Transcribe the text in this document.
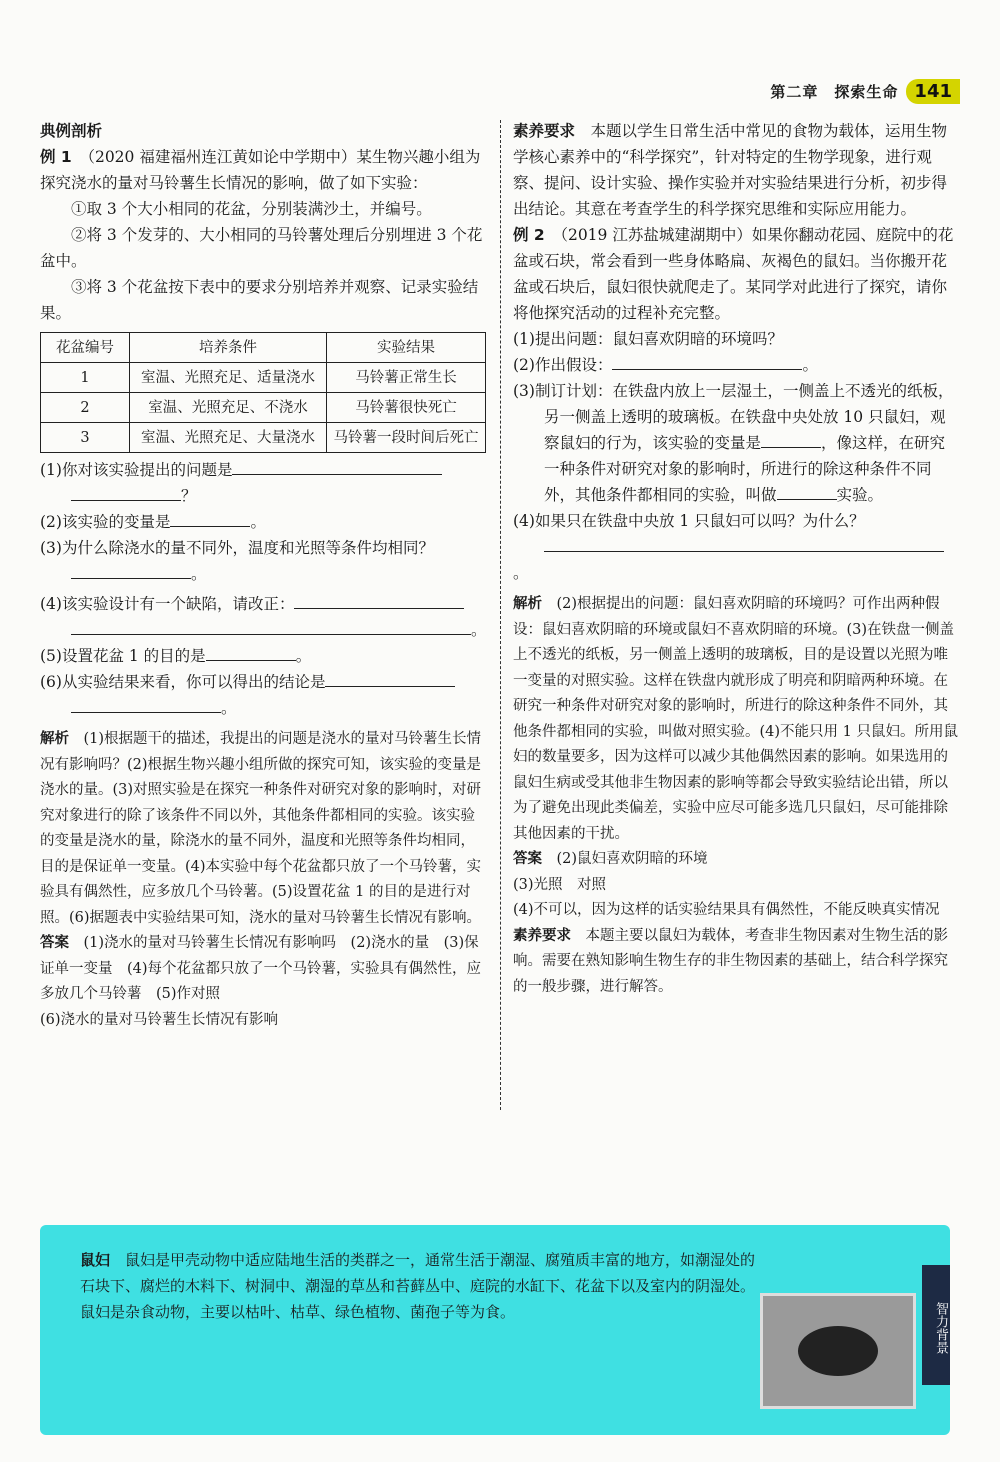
第二章　探索生命 141

典例剖析

例 1　 （2020 福建福州连江黄如论中学期中）某生物兴趣小组为探究浇水的量对马铃薯生长情况的影响，做了如下实验：

①取 3 个大小相同的花盆，分别装满沙土，并编号。

②将 3 个发芽的、大小相同的马铃薯处理后分别埋进 3 个花盆中。

③将 3 个花盆按下表中的要求分别培养并观察、记录实验结果。

花盆编号	培养条件	实验结果
1	室温、光照充足、适量浇水	马铃薯正常生长
2	室温、光照充足、不浇水	马铃薯很快死亡
3	室温、光照充足、大量浇水	马铃薯一段时间后死亡

(1)你对该实验提出的问题是

　　？

(2)该实验的变量是	。

(3)为什么除浇水的量不同外，温度和光照等条件均相同？

　　。

(4)该实验设计有一个缺陷，请改正：

　　。

(5)设置花盆 1 的目的是	。

(6)从实验结果来看，你可以得出的结论是

　　。

解析　 (1)根据题干的描述，我提出的问题是浇水的量对马铃薯生长情况有影响吗？(2)根据生物兴趣小组所做的探究可知，该实验的变量是浇水的量。(3)对照实验是在探究一种条件对研究对象的影响时，对研究对象进行的除了该条件不同以外，其他条件都相同的实验。该实验的变量是浇水的量，除浇水的量不同外，温度和光照等条件均相同，目的是保证单一变量。(4)本实验中每个花盆都只放了一个马铃薯，实验具有偶然性，应多放几个马铃薯。(5)设置花盆 1 的目的是进行对照。(6)据题表中实验结果可知，浇水的量对马铃薯生长情况有影响。

答案　 (1)浇水的量对马铃薯生长情况有影响吗　(2)浇水的量　(3)保证单一变量　(4)每个花盆都只放了一个马铃薯，实验具有偶然性，应多放几个马铃薯　(5)作对照

(6)浇水的量对马铃薯生长情况有影响

素养要求　 本题以学生日常生活中常见的食物为载体，运用生物学核心素养中的“科学探究”，针对特定的生物学现象，进行观察、提问、设计实验、操作实验并对实验结果进行分析，初步得出结论。其意在考查学生的科学探究思维和实际应用能力。

例 2　 （2019 江苏盐城建湖期中）如果你翻动花园、庭院中的花盆或石块，常会看到一些身体略扁、灰褐色的鼠妇。当你搬开花盆或石块后，鼠妇很快就爬走了。某同学对此进行了探究，请你将他探究活动的过程补充完整。

(1)提出问题：鼠妇喜欢阴暗的环境吗？

(2)作出假设：	。

(3)制订计划：在铁盘内放上一层湿土，一侧盖上不透光的纸板，另一侧盖上透明的玻璃板。在铁盘中央处放 10 只鼠妇，观察鼠妇的行为，该实验的变量是	，像这样，在研究一种条件对研究对象的影响时，所进行的除这种条件不同外，其他条件都相同的实验，叫做	实验。

(4)如果只在铁盘中央放 1 只鼠妇可以吗？为什么？

　　。

解析　 (2)根据提出的问题：鼠妇喜欢阴暗的环境吗？可作出两种假设：鼠妇喜欢阴暗的环境或鼠妇不喜欢阴暗的环境。(3)在铁盘一侧盖上不透光的纸板，另一侧盖上透明的玻璃板，目的是设置以光照为唯一变量的对照实验。这样在铁盘内就形成了明亮和阴暗两种环境。在研究一种条件对研究对象的影响时，所进行的除这种条件不同外，其他条件都相同的实验，叫做对照实验。(4)不能只用 1 只鼠妇。所用鼠妇的数量要多，因为这样可以减少其他偶然因素的影响。如果选用的鼠妇生病或受其他非生物因素的影响等都会导致实验结论出错，所以为了避免出现此类偏差，实验中应尽可能多选几只鼠妇，尽可能排除其他因素的干扰。

答案　 (2)鼠妇喜欢阴暗的环境

(3)光照　对照

(4)不可以，因为这样的话实验结果具有偶然性，不能反映真实情况

素养要求　 本题主要以鼠妇为载体，考查非生物因素对生物生活的影响。需要在熟知影响生物生存的非生物因素的基础上，结合科学探究的一般步骤，进行解答。

鼠妇　 鼠妇是甲壳动物中适应陆地生活的类群之一，通常生活于潮湿、腐殖质丰富的地方，如潮湿处的石块下、腐烂的木料下、树洞中、潮湿的草丛和苔藓丛中、庭院的水缸下、花盆下以及室内的阴湿处。鼠妇是杂食动物，主要以枯叶、枯草、绿色植物、菌孢子等为食。	智力背景
